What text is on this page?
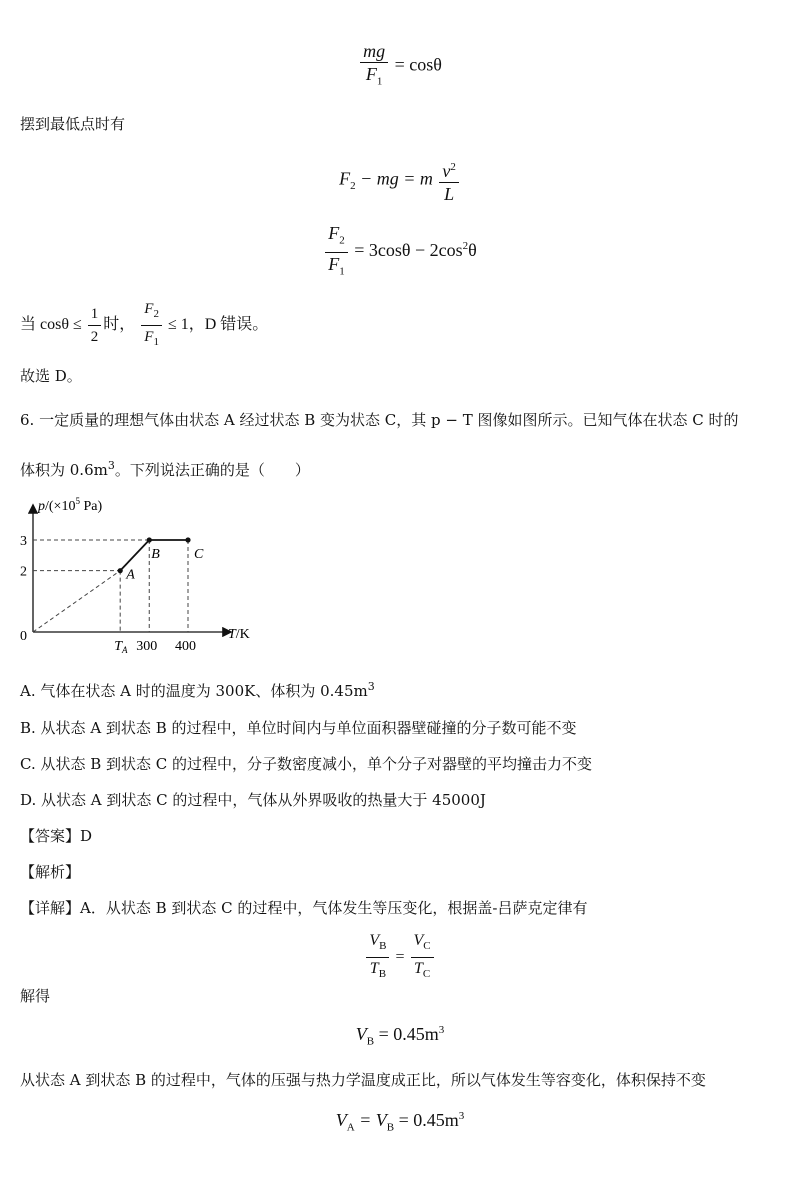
$\frac{mg}{F_1} = \cos\theta$
摆到最低点时有
$F_2$ − mg = m $\frac{v^2}{L}$
$\frac{F_2}{F_1} = 3\cos\theta - 2\cos^2\theta$
当 $\cos\theta \le \frac{1}{2}$ 时， $\frac{F_2}{F_1} \le 1$，D 错误。
故选 D。
6. 一定质量的理想气体由状态 A 经过状态 B 变为状态 C，其 p − T 图像如图所示。已知气体在状态 C 时的
体积为 $0.6m^3$。下列说法正确的是（　　）
$p/(\times 10^5$ Pa)
T/K
0
A
B C
2
3
$T_A$ 300 400
A. 气体在状态 A 时的温度为 300K、体积为 $0.45m^3$
B. 从状态 A 到状态 B 的过程中，单位时间内与单位面积器壁碰撞的分子数可能不变
C. 从状态 B 到状态 C 的过程中，分子数密度减小，单个分子对器壁的平均撞击力不变
D. 从状态 A 到状态 C 的过程中，气体从外界吸收的热量大于 45000J
【答案】D
【解析】
【详解】A．从状态 B 到状态 C 的过程中，气体发生等压变化，根据盖-吕萨克定律有
$\frac{V_B}{T_B} = \frac{V_C}{T_C}$
解得
$V_B = 0.45m^3$
从状态 A 到状态 B 的过程中，气体的压强与热力学温度成正比，所以气体发生等容变化，体积保持不变
$V_A = V_B = 0.45m^3$
